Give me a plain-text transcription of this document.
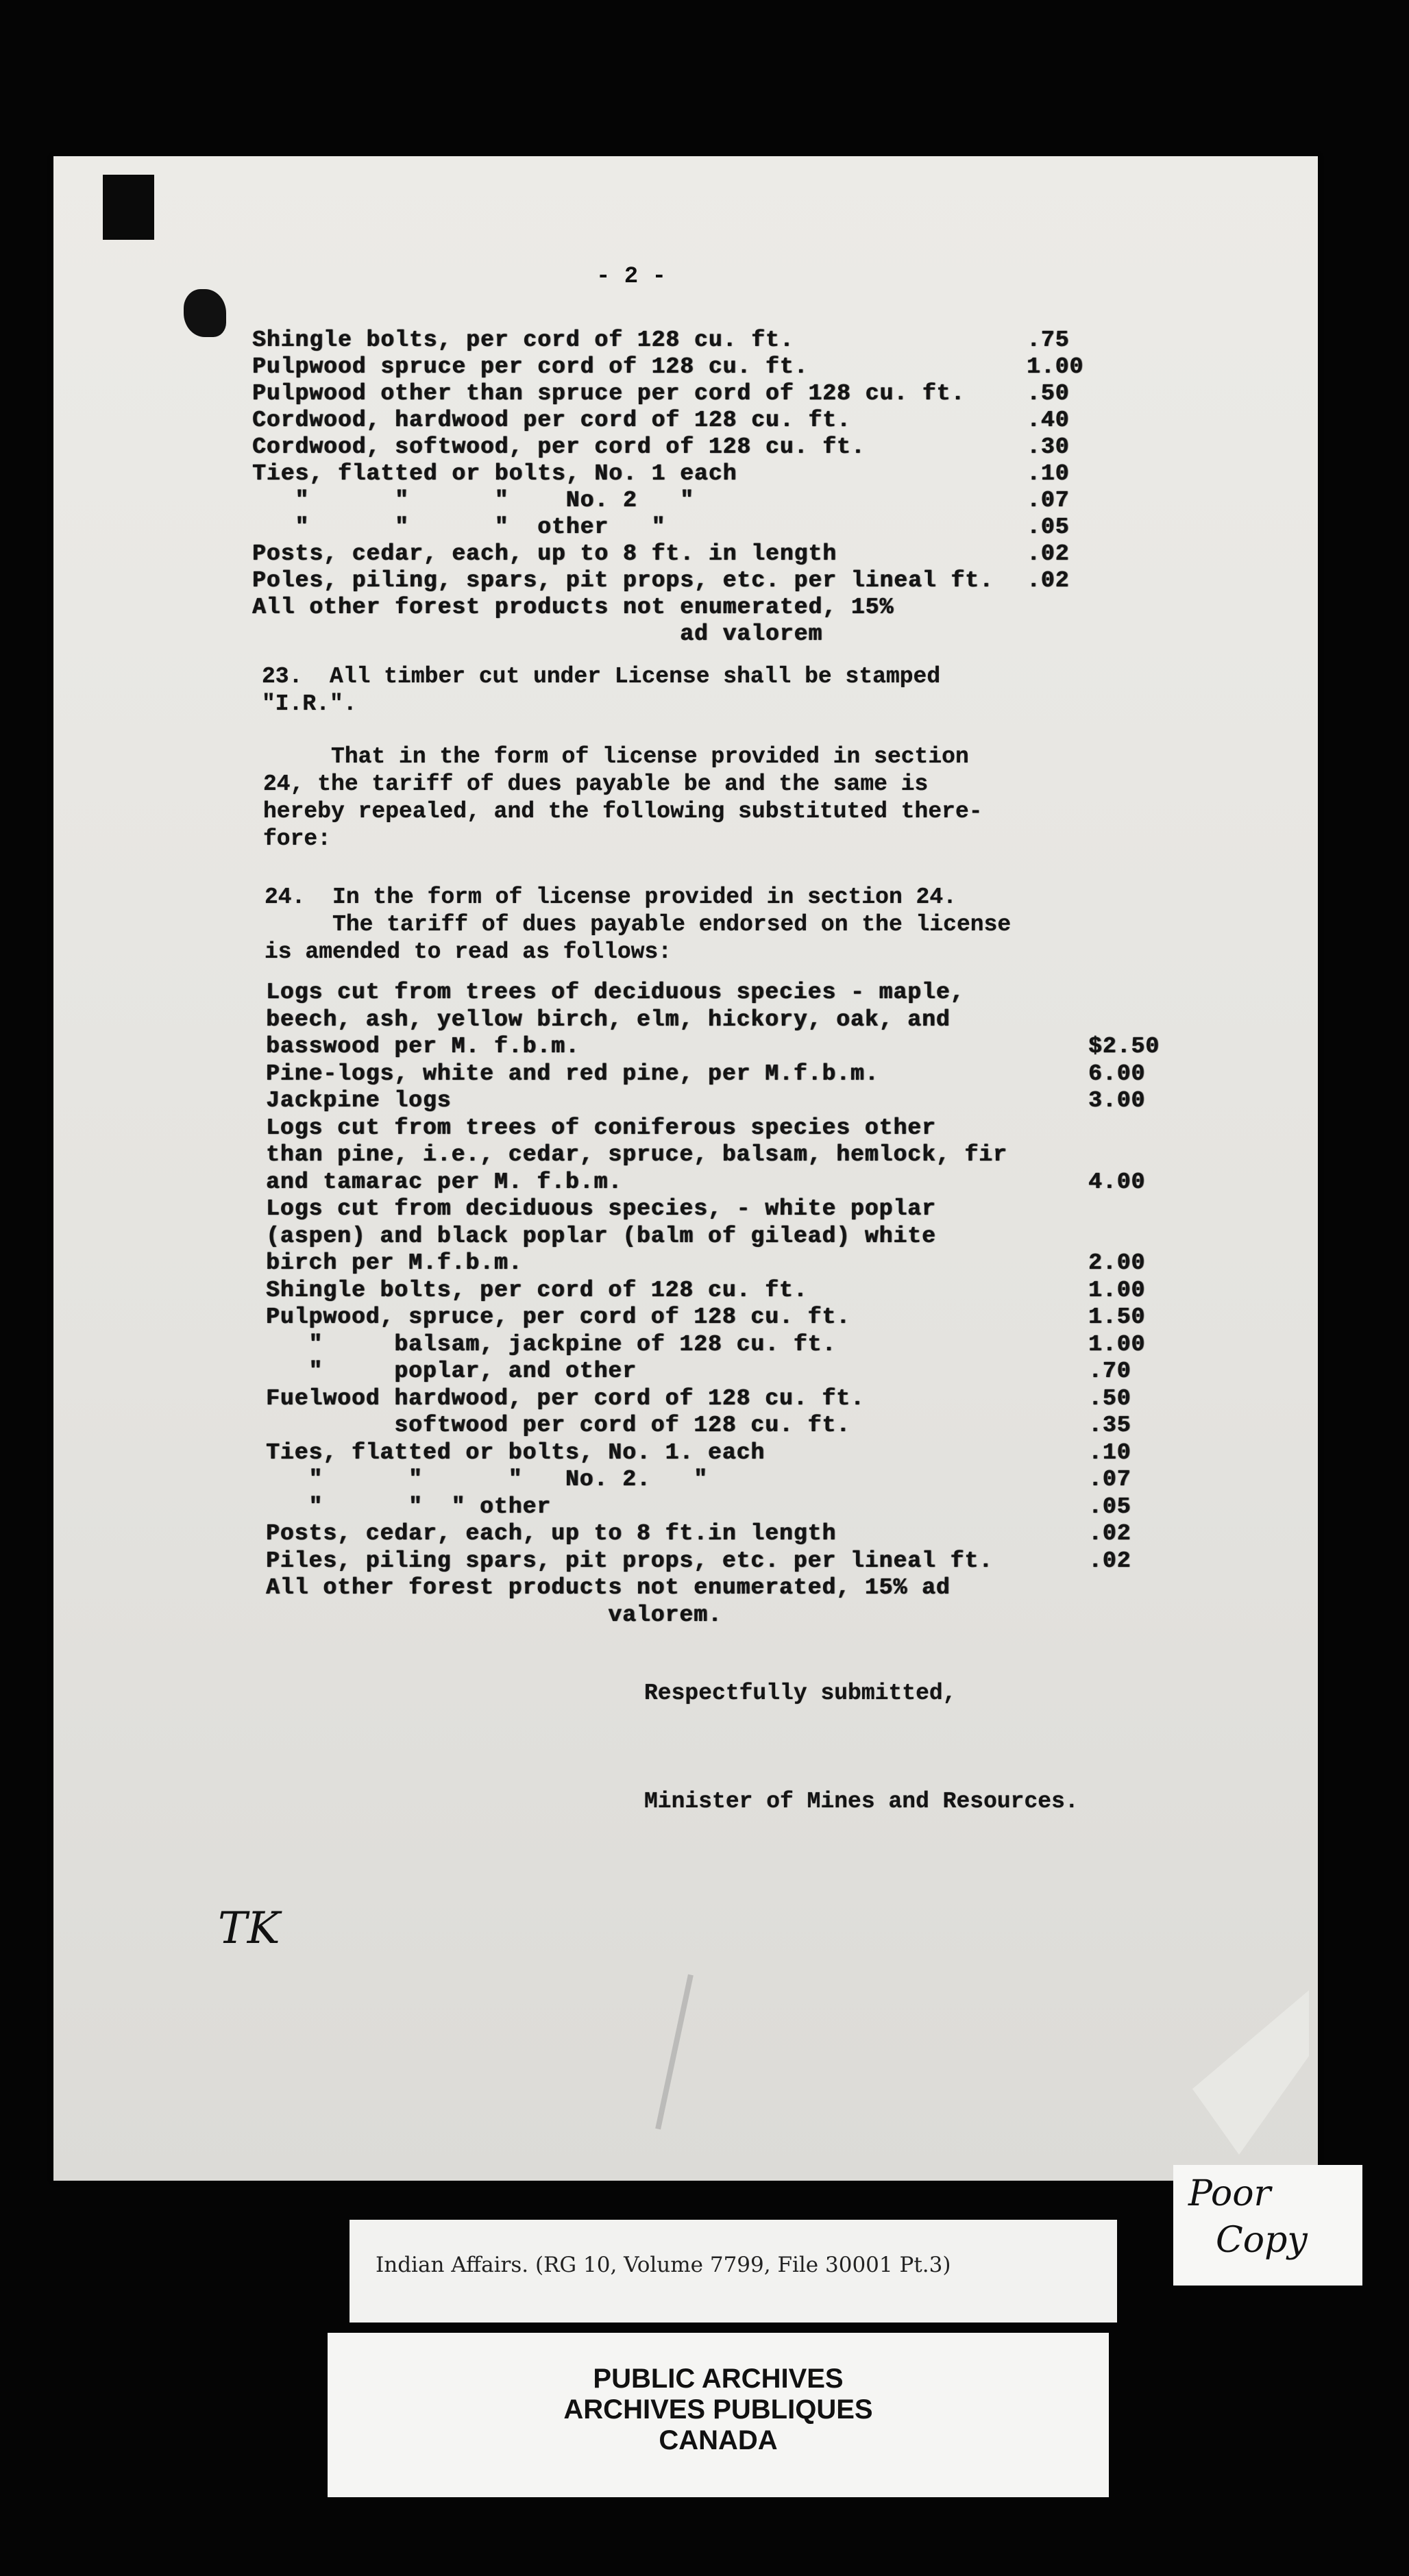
- 2 -
Shingle bolts, per cord of 128 cu. ft.	.75
Pulpwood spruce per cord of 128 cu. ft.	1.00
Pulpwood other than spruce per cord of 128 cu. ft.	.50
Cordwood, hardwood per cord of 128 cu. ft.	.40
Cordwood, softwood, per cord of 128 cu. ft.	.30
Ties, flatted or bolts, No. 1 each	.10
"      "      "    No. 2   "	.07
"      "      "  other   "	.05
Posts, cedar, each, up to 8 ft. in length	.02
Poles, piling, spars, pit props, etc. per lineal ft. .02
All other forest products not enumerated, 15%
ad valorem
23.  All timber cut under License shall be stamped
"I.R.".
That in the form of license provided in section
24, the tariff of dues payable be and the same is
hereby repealed, and the following substituted there-
fore:
24.  In the form of license provided in section 24.
The tariff of dues payable endorsed on the license
is amended to read as follows:
Logs cut from trees of deciduous species - maple,
beech, ash, yellow birch, elm, hickory, oak, and
basswood per M. f.b.m.	$2.50
Pine-logs, white and red pine, per M.f.b.m.	6.00
Jackpine logs	3.00
Logs cut from trees of coniferous species other
than pine, i.e., cedar, spruce, balsam, hemlock, fir
and tamarac per M. f.b.m.	4.00
Logs cut from deciduous species, - white poplar
(aspen) and black poplar (balm of gilead) white
birch per M.f.b.m.	2.00
Shingle bolts, per cord of 128 cu. ft.	1.00
Pulpwood, spruce, per cord of 128 cu. ft.	1.50
"     balsam, jackpine of 128 cu. ft.	1.00
"     poplar, and other	.70
Fuelwood hardwood, per cord of 128 cu. ft.	.50
softwood per cord of 128 cu. ft.	.35
Ties, flatted or bolts, No. 1. each	.10
"      "      "   No. 2.   "	.07
"      "  " other	.05
Posts, cedar, each, up to 8 ft.in length	.02
Piles, piling spars, pit props, etc. per lineal ft.	.02
All other forest products not enumerated, 15% ad
valorem.
Respectfully submitted,
Minister of Mines and Resources.
TK
Indian Affairs. (RG 10, Volume 7799, File 30001 Pt.3)
PUBLIC ARCHIVES
ARCHIVES PUBLIQUES
CANADA
Poor
Copy
